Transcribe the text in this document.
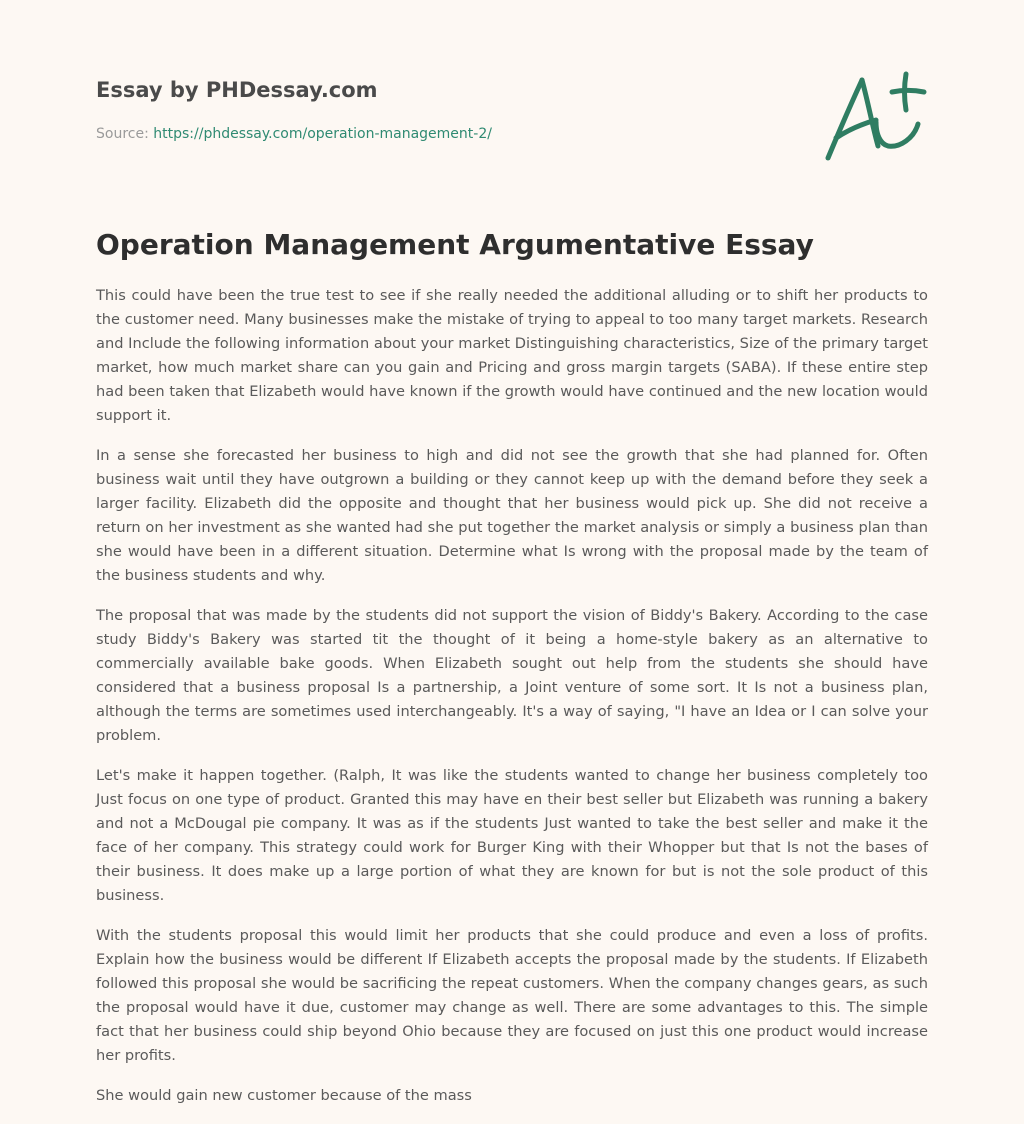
Essay by PHDessay.com
Source: https://phdessay.com/operation-management-2/
Operation Management Argumentative Essay

This could have been the true test to see if she really needed the additional alluding or to shift her products to the customer need. Many businesses make the mistake of trying to appeal to too many target markets. Research and Include the following information about your market Distinguishing characteristics, Size of the primary target market, how much market share can you gain and Pricing and gross margin targets (SABA). If these entire step had been taken that Elizabeth would have known if the growth would have continued and the new location would support it.

In a sense she forecasted her business to high and did not see the growth that she had planned for. Often business wait until they have outgrown a building or they cannot keep up with the demand before they seek a larger facility. Elizabeth did the opposite and thought that her business would pick up. She did not receive a return on her investment as she wanted had she put together the market analysis or simply a business plan than she would have been in a different situation. Determine what Is wrong with the proposal made by the team of the business students and why.

The proposal that was made by the students did not support the vision of Biddy's Bakery. According to the case study Biddy's Bakery was started tit the thought of it being a home-style bakery as an alternative to commercially available bake goods. When Elizabeth sought out help from the students she should have considered that a business proposal Is a partnership, a Joint venture of some sort. It Is not a business plan, although the terms are sometimes used interchangeably. It's a way of saying, "I have an Idea or I can solve your problem.

Let's make it happen together. (Ralph, It was like the students wanted to change her business completely too Just focus on one type of product. Granted this may have en their best seller but Elizabeth was running a bakery and not a McDougal pie company. It was as if the students Just wanted to take the best seller and make it the face of her company. This strategy could work for Burger King with their Whopper but that Is not the bases of their business. It does make up a large portion of what they are known for but is not the sole product of this business.

With the students proposal this would limit her products that she could produce and even a loss of profits. Explain how the business would be different If Elizabeth accepts the proposal made by the students. If Elizabeth followed this proposal she would be sacrificing the repeat customers. When the company changes gears, as such the proposal would have it due, customer may change as well. There are some advantages to this. The simple fact that her business could ship beyond Ohio because they are focused on just this one product would increase her profits.

She would gain new customer because of the mass
